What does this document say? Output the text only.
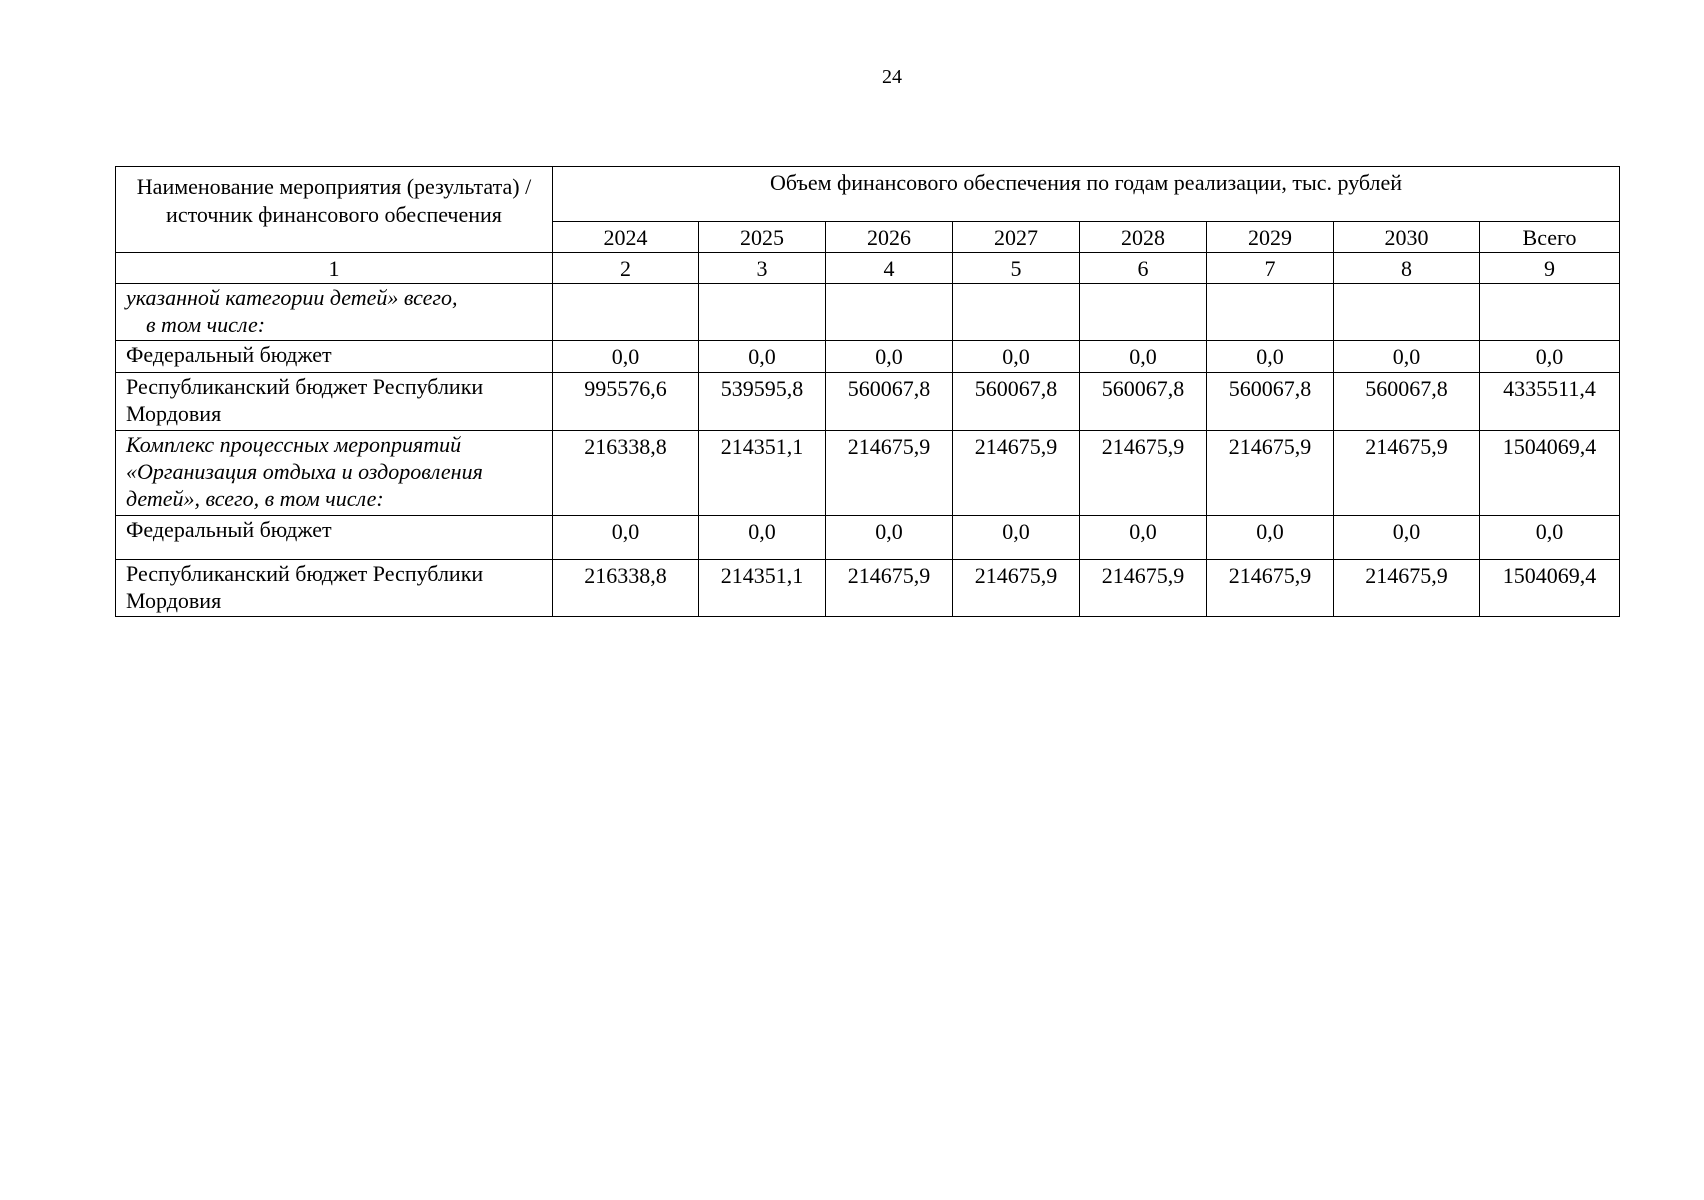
24
Наименование мероприятия (результата) / источник финансового обеспечения	Объем финансового обеспечения по годам реализации, тыс. рублей							
	2024	2025	2026	2027	2028	2029	2030	Всего
1	2	3	4	5	6	7	8	9
указанной категории детей» всего,
в том числе:								
Федеральный бюджет	0,0	0,0	0,0	0,0	0,0	0,0	0,0	0,0
Республиканский бюджет Республики Мордовия	995576,6	539595,8	560067,8	560067,8	560067,8	560067,8	560067,8	4335511,4
Комплекс процессных мероприятий «Организация отдыха и оздоровления детей», всего, в том числе:	216338,8	214351,1	214675,9	214675,9	214675,9	214675,9	214675,9	1504069,4
Федеральный бюджет	0,0	0,0	0,0	0,0	0,0	0,0	0,0	0,0
Республиканский бюджет Республики Мордовия	216338,8	214351,1	214675,9	214675,9	214675,9	214675,9	214675,9	1504069,4
